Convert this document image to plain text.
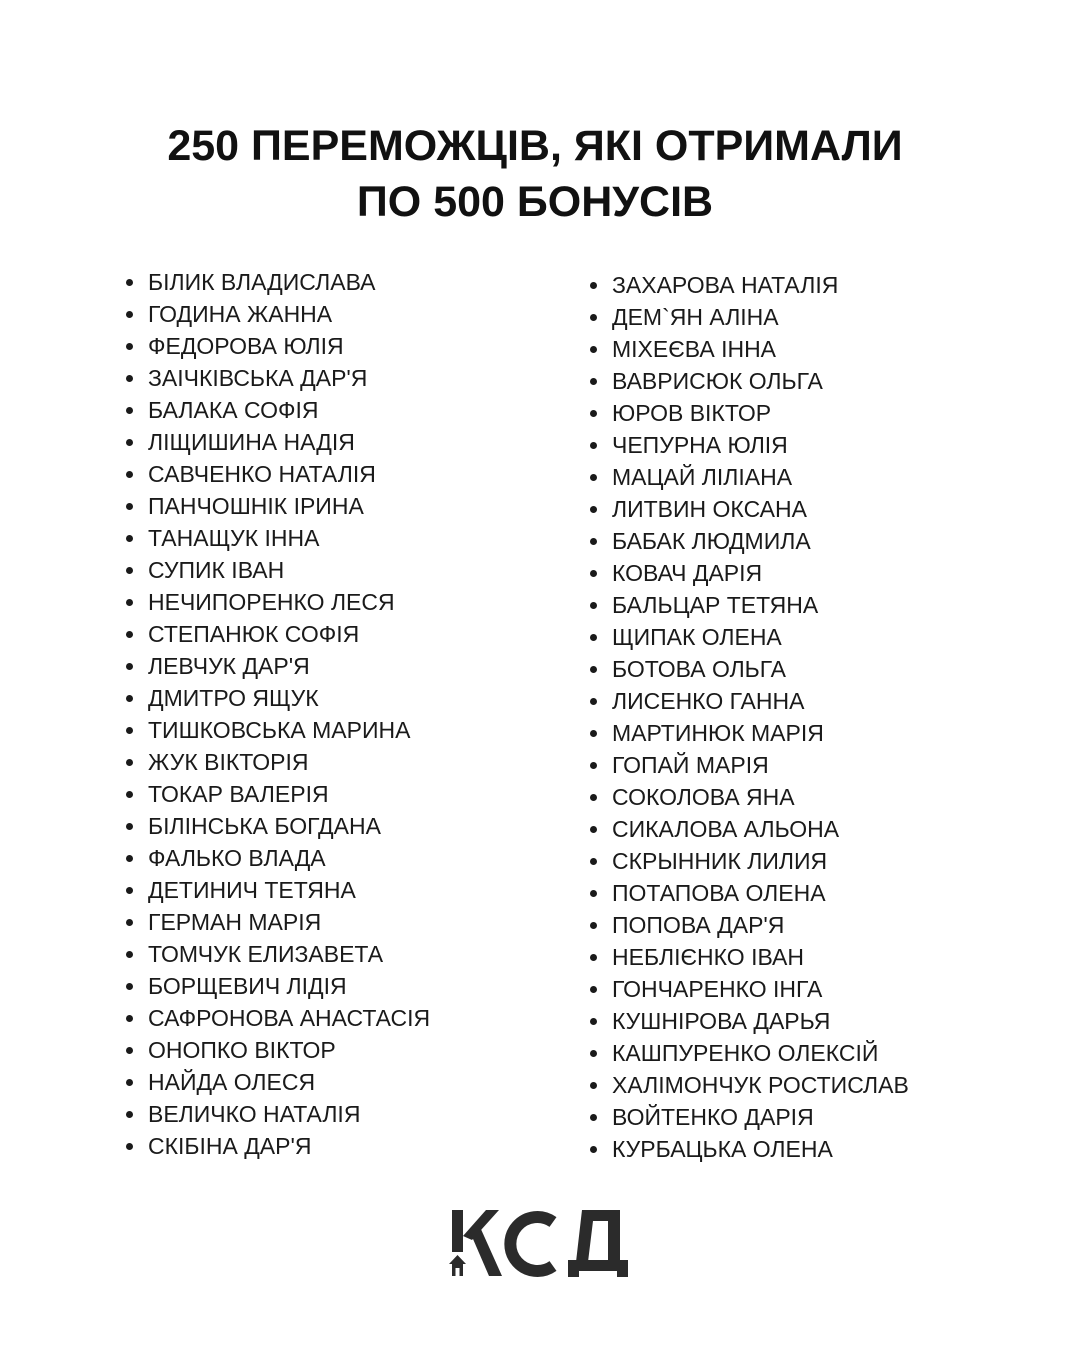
250 ПЕРЕМОЖЦІВ, ЯКІ ОТРИМАЛИ
ПО 500 БОНУСІВ
БІЛИК ВЛАДИСЛАВА
ГОДИНА ЖАННА
ФЕДОРОВА ЮЛІЯ
ЗАІЧКІВСЬКА ДАР'Я
БАЛАКА СОФІЯ
ЛІЩИШИНА НАДІЯ
САВЧЕНКО НАТАЛІЯ
ПАНЧОШНІК ІРИНА
ТАНАЩУК ІННА
СУПИК ІВАН
НЕЧИПОРЕНКО ЛЕСЯ
СТЕПАНЮК СОФІЯ
ЛЕВЧУК ДАР'Я
ДМИТРО ЯЩУК
ТИШКОВСЬКА МАРИНА
ЖУК ВІКТОРІЯ
ТОКАР ВАЛЕРІЯ
БІЛІНСЬКА БОГДАНА
ФАЛЬКО ВЛАДА
ДЕТИНИЧ ТЕТЯНА
ГЕРМАН МАРІЯ
ТОМЧУК ЕЛИЗАВЕТА
БОРЩЕВИЧ ЛІДІЯ
САФРОНОВА АНАСТАСІЯ
ОНОПКО ВІКТОР
НАЙДА ОЛЕСЯ
ВЕЛИЧКО НАТАЛІЯ
СКІБІНА ДАР'Я
ЗАХАРОВА НАТАЛІЯ
ДЕМ`ЯН АЛІНА
МІХЕЄВА ІННА
ВАВРИСЮК ОЛЬГА
ЮРОВ ВІКТОР
ЧЕПУРНА ЮЛІЯ
МАЦАЙ ЛІЛІАНА
ЛИТВИН ОКСАНА
БАБАК ЛЮДМИЛА
КОВАЧ ДАРІЯ
БАЛЬЦАР ТЕТЯНА
ЩИПАК ОЛЕНА
БОТОВА ОЛЬГА
ЛИСЕНКО ГАННА
МАРТИНЮК МАРІЯ
ГОПАЙ МАРІЯ
СОКОЛОВА ЯНА
СИКАЛОВА АЛЬОНА
СКРЫННИК ЛИЛИЯ
ПОТАПОВА ОЛЕНА
ПОПОВА ДАР'Я
НЕБЛІЄНКО ІВАН
ГОНЧАРЕНКО ІНГА
КУШНІРОВА ДАРЬЯ
КАШПУРЕНКО ОЛЕКСІЙ
ХАЛІМОНЧУК РОСТИСЛАВ
ВОЙТЕНКО ДАРІЯ
КУРБАЦЬКА ОЛЕНА
КСД
